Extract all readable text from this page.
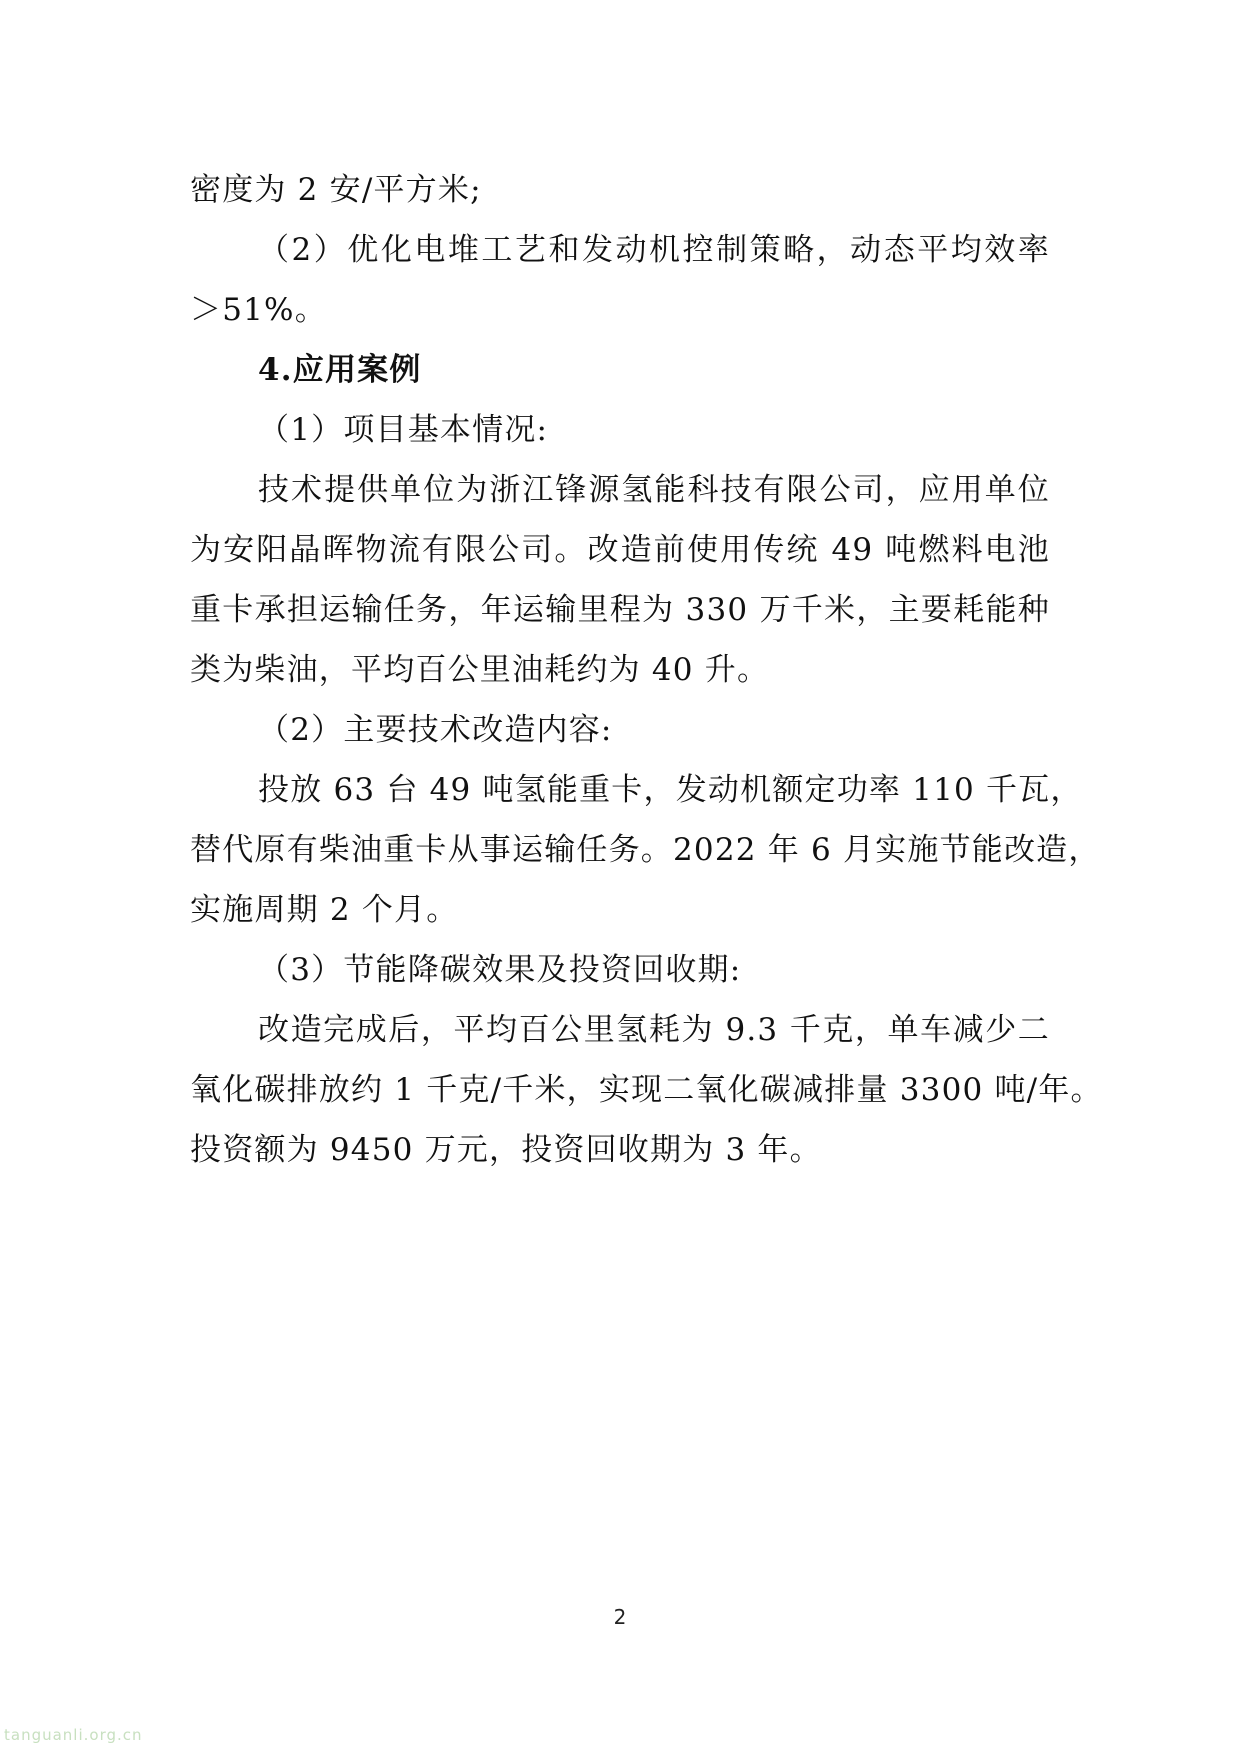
密度为 2 安/平方米;
（2）优化电堆工艺和发动机控制策略，动态平均效率
＞51%。
4.应用案例
（1）项目基本情况:
技术提供单位为浙江锋源氢能科技有限公司，应用单位
为安阳晶晖物流有限公司。改造前使用传统 49 吨燃料电池
重卡承担运输任务，年运输里程为 330 万千米，主要耗能种
类为柴油，平均百公里油耗约为 40 升。
（2）主要技术改造内容:
投放 63 台 49 吨氢能重卡，发动机额定功率 110 千瓦，
替代原有柴油重卡从事运输任务。2022 年 6 月实施节能改造，
实施周期 2 个月。
（3）节能降碳效果及投资回收期:
改造完成后，平均百公里氢耗为 9.3 千克，单车减少二
氧化碳排放约 1 千克/千米，实现二氧化碳减排量 3300 吨/年。
投资额为 9450 万元，投资回收期为 3 年。
2
tanguanli.org.cn
